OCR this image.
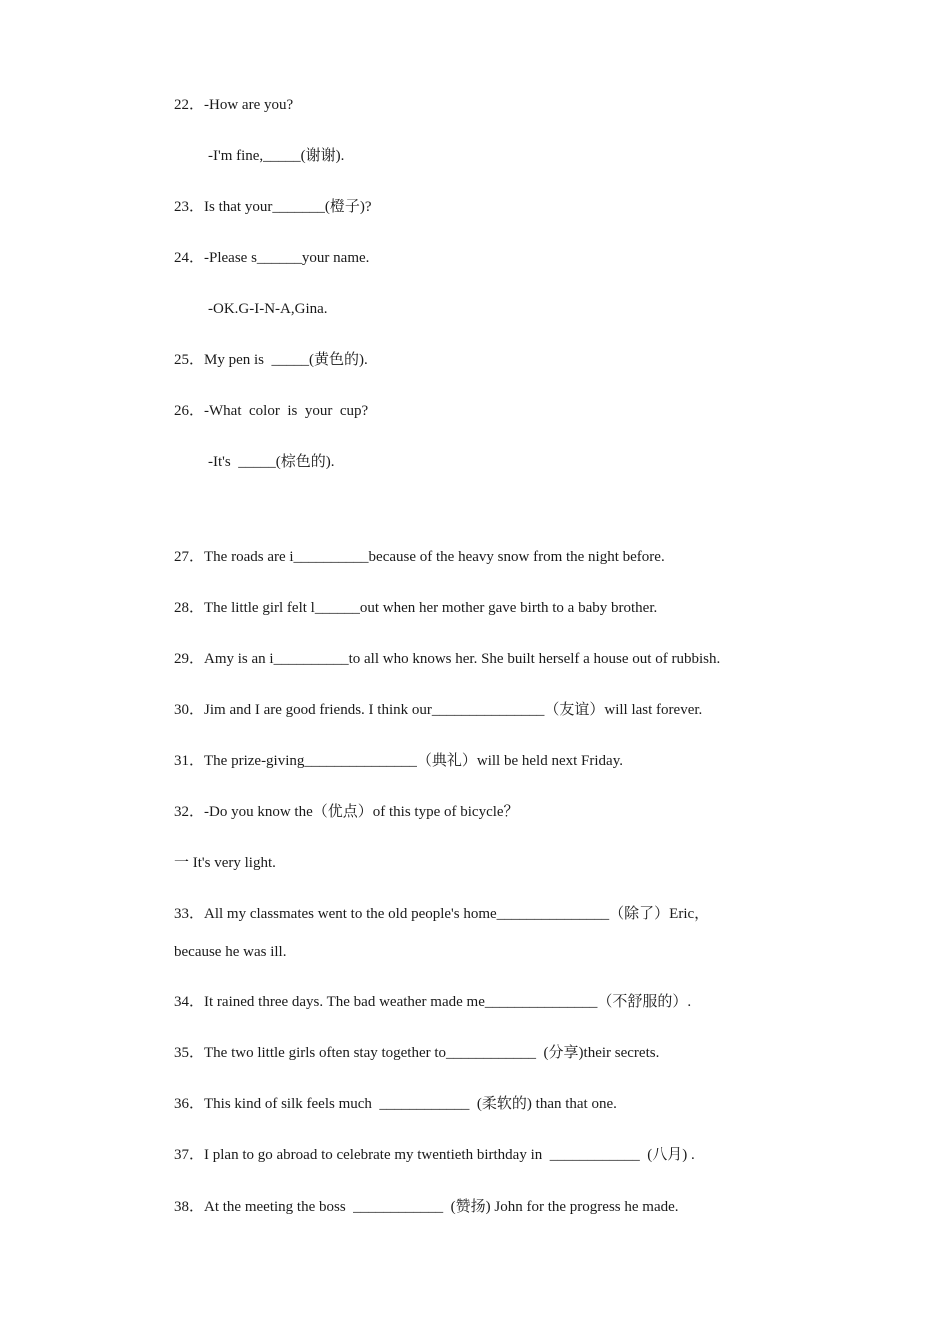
22．-How are you?

-I'm fine,_____(谢谢).

23．Is that your_______(橙子)?

24．-Please s______your name.

-OK.G-I-N-A,Gina.

25．My pen is  _____(黄色的).

26．-What  color  is  your  cup?

-It's  _____(棕色的).

27．The roads are i__________because of the heavy snow from the night before.

28．The little girl felt l______out when her mother gave birth to a baby brother.

29．Amy is an i__________to all who knows her. She built herself a house out of rubbish.

30．Jim and I are good friends. I think our_______________（友谊）will last forever.

31．The prize-giving_______________（典礼）will be held next Friday.

32．-Do you know the（优点）of this type of bicycle？

一 It's very light.

33．All my classmates went to the old people's home_______________（除了）Eric，

because he was ill.

34．It rained three days. The bad weather made me_______________（不舒服的）.

35．The two little girls often stay together to____________  (分享)their secrets.

36．This kind of silk feels much  ____________  (柔软的) than that one.

37．I plan to go abroad to celebrate my twentieth birthday in  ____________  (八月) .

38．At the meeting the boss  ____________  (赞扬) John for the progress he made.
